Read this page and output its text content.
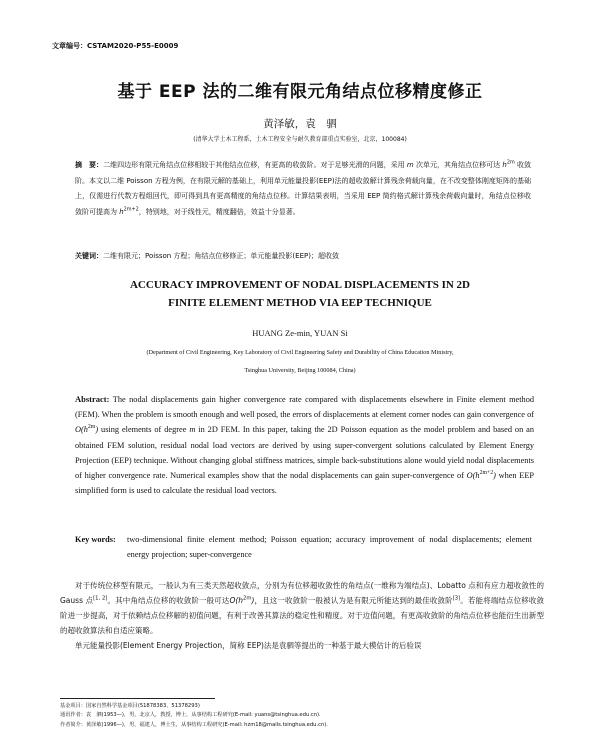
文章编号：CSTAM2020-P55-E0009
基于 EEP 法的二维有限元角结点位移精度修正
黄泽敏，袁　驷
(清华大学土木工程系，土木工程安全与耐久教育部重点实验室，北京，100084)
摘　要：二维四边形有限元角结点位移相较于其他结点位移，有更高的收敛阶。对于足够光滑的问题，采用 m 次单元，其角结点位移可达 $h^{2m}$ 收敛阶。本文以二维 Poisson 方程为例，在有限元解的基础上，利用单元能量投影(EEP)法的超收敛解计算残余荷载向量，在不改变整体刚度矩阵的基础上，仅需进行代数方程组回代，即可得到具有更高精度的角结点位移。计算结果表明，当采用 EEP 简约格式解计算残余荷载向量时，角结点位移收敛阶可提高为 $h^{2m+2}$，特别地，对于线性元，精度翻倍，效益十分显著。
关键词：二维有限元；Poisson 方程；角结点位移修正；单元能量投影(EEP)；超收敛
ACCURACY IMPROVEMENT OF NODAL DISPLACEMENTS IN 2D
FINITE ELEMENT METHOD VIA EEP TECHNIQUE
HUANG Ze-min, YUAN Si
(Department of Civil Engineering, Key Laboratory of Civil Engineering Safety and Durability of China Education Ministry,
Tsinghua University, Beijing 100084, China)
Abstract: The nodal displacements gain higher convergence rate compared with displacements elsewhere in Finite element method (FEM). When the problem is smooth enough and well posed, the errors of displacements at element corner nodes can gain convergence of $O(h^{2m})$ using elements of degree m in 2D FEM. In this paper, taking the 2D Poisson equation as the model problem and based on an obtained FEM solution, residual nodal load vectors are derived by using super-convergent solutions calculated by Element Energy Projection (EEP) technique. Without changing global stiffness matrices, simple back-substitutions alone would yield nodal displacements of higher convergence rate. Numerical examples show that the nodal displacements can gain super-convergence of $O(h^{2m+2})$ when EEP simplified form is used to calculate the residual load vectors.
Key words: two-dimensional finite element method; Poisson equation; accuracy improvement of nodal displacements; element energy projection; super-convergence

对于传统位移型有限元，一般认为有三类天然超收敛点，分别为有位移超收敛性的角结点(一维称为端结点)、Lobatto 点和有应力超收敛性的 Gauss 点[1, 2]。其中角结点位移的收敛阶一般可达$O(h^{2m})$，且这一收敛阶一般被认为是有限元所能达到的最佳收敛阶[3]。若能将端结点位移收敛阶进一步提高，对于依赖结点位移解的初值问题，有利于改善其算法的稳定性和精度。对于边值问题，有更高收敛阶的角结点位移也能衍生出新型的超收敛算法和自适应策略。

单元能量投影(Element Energy Projection，简称 EEP)法是袁驷等提出的一种基于最大模估计的后验误

基金项目：国家自然科学基金项目(51878383、51378293)
通讯作者：袁　驷(1953—)，男，北京人，教授，博士，从事结构工程研究(E-mail: yuans@tsinghua.edu.cn).
作者简介：黄泽敏(1996—)，男，福建人，博士生，从事结构工程研究(E-mail: hzm18@mails.tsinghua.edu.cn).
